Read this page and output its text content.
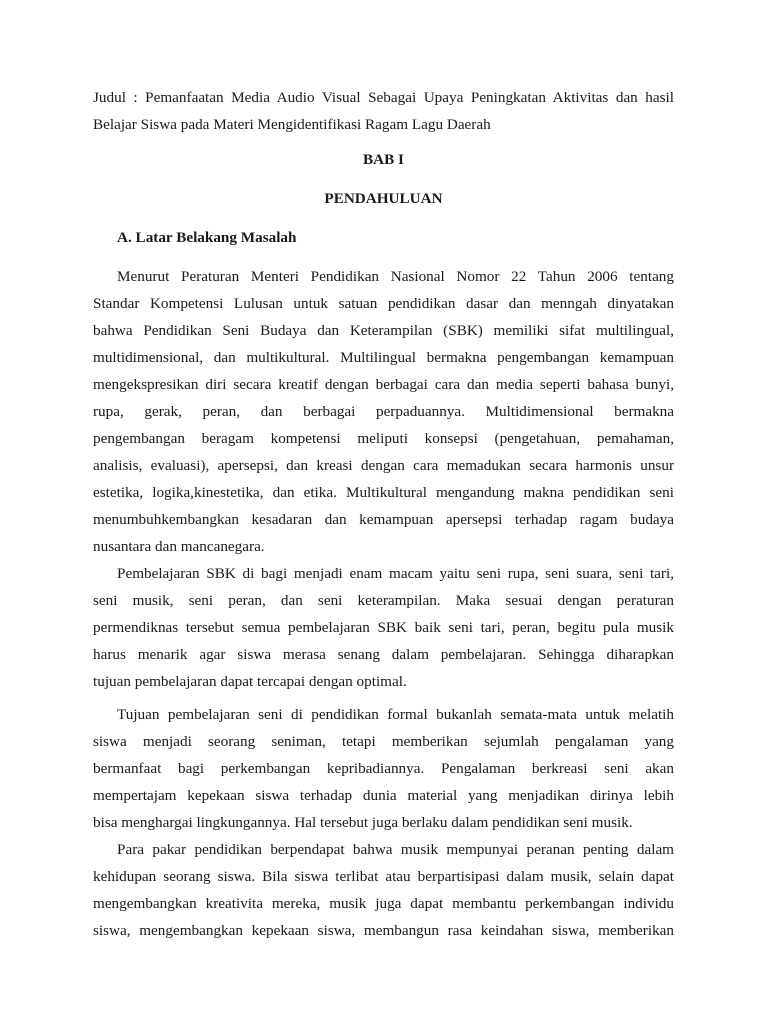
Judul : Pemanfaatan Media Audio Visual Sebagai Upaya Peningkatan Aktivitas dan hasil
Belajar Siswa pada Materi Mengidentifikasi Ragam Lagu Daerah
BAB I
PENDAHULUAN
A. Latar Belakang Masalah
Menurut Peraturan Menteri Pendidikan Nasional Nomor 22 Tahun 2006 tentang
Standar Kompetensi Lulusan untuk satuan pendidikan dasar dan menngah dinyatakan
bahwa Pendidikan Seni Budaya dan Keterampilan (SBK) memiliki sifat multilingual,
multidimensional, dan multikultural. Multilingual bermakna pengembangan kemampuan
mengekspresikan diri secara kreatif dengan berbagai cara dan media seperti bahasa bunyi,
rupa, gerak, peran, dan berbagai perpaduannya. Multidimensional bermakna
pengembangan beragam kompetensi meliputi konsepsi (pengetahuan, pemahaman,
analisis, evaluasi), apersepsi, dan kreasi dengan cara memadukan secara harmonis unsur
estetika, logika,kinestetika, dan etika. Multikultural mengandung makna pendidikan seni
menumbuhkembangkan kesadaran dan kemampuan apersepsi terhadap ragam budaya
nusantara dan mancanegara.
Pembelajaran SBK di bagi menjadi enam macam yaitu seni rupa, seni suara, seni tari,
seni musik, seni peran, dan seni keterampilan. Maka sesuai dengan peraturan
permendiknas tersebut semua pembelajaran SBK baik seni tari, peran, begitu pula musik
harus menarik agar siswa merasa senang dalam pembelajaran. Sehingga diharapkan
tujuan pembelajaran dapat tercapai dengan optimal.
Tujuan pembelajaran seni di pendidikan formal bukanlah semata-mata untuk melatih
siswa menjadi seorang seniman, tetapi memberikan sejumlah pengalaman yang
bermanfaat bagi perkembangan kepribadiannya. Pengalaman berkreasi seni akan
mempertajam kepekaan siswa terhadap dunia material yang menjadikan dirinya lebih
bisa menghargai lingkungannya. Hal tersebut juga berlaku dalam pendidikan seni musik.
Para pakar pendidikan berpendapat bahwa musik mempunyai peranan penting dalam
kehidupan seorang siswa. Bila siswa terlibat atau berpartisipasi dalam musik, selain dapat
mengembangkan kreativita mereka, musik juga dapat membantu perkembangan individu
siswa, mengembangkan kepekaan siswa, membangun rasa keindahan siswa, memberikan
